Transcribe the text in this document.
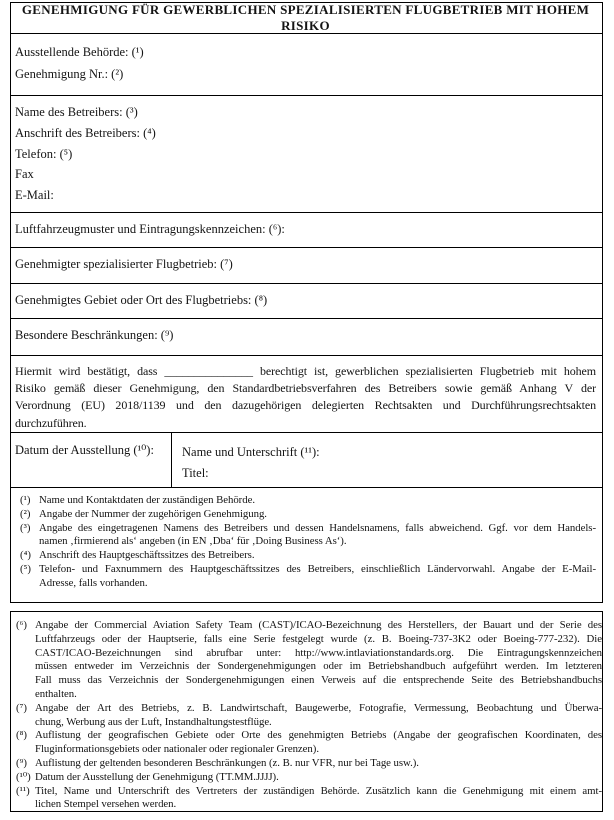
GENEHMIGUNG FÜR GEWERBLICHEN SPEZIALISIERTEN FLUGBETRIEB MIT HOHEM RISIKO
Ausstellende Behörde: (¹)
Genehmigung Nr.: (²)
Name des Betreibers: (³)
Anschrift des Betreibers: (⁴)
Telefon: (⁵)
Fax
E-Mail:
Luftfahrzeugmuster und Eintragungskennzeichen: (⁶):
Genehmigter spezialisierter Flugbetrieb: (⁷)
Genehmigtes Gebiet oder Ort des Flugbetriebs: (⁸)
Besondere Beschränkungen: (⁹)
Hiermit wird bestätigt, dass _______________ berechtigt ist, gewerblichen spezialisierten Flugbetrieb mit hohem
Risiko gemäß dieser Genehmigung, den Standardbetriebsverfahren des Betreibers sowie gemäß Anhang V der
Verordnung (EU) 2018/1139 und den dazugehörigen delegierten Rechtsakten und Durchführungsrechtsakten
durchzuführen.
Datum der Ausstellung (¹⁰):	Name und Unterschrift (¹¹):
Titel:
(¹) Name und Kontaktdaten der zuständigen Behörde.
(²) Angabe der Nummer der zugehörigen Genehmigung.
(³) Angabe des eingetragenen Namens des Betreibers und dessen Handelsnamens, falls abweichend. Ggf. vor dem Handels-
namen ‚firmierend als‘ angeben (in EN ‚Dba‘ für ‚Doing Business As‘).
(⁴) Anschrift des Hauptgeschäftssitzes des Betreibers.
(⁵) Telefon- und Faxnummern des Hauptgeschäftssitzes des Betreibers, einschließlich Ländervorwahl. Angabe der E-Mail-
Adresse, falls vorhanden.
(⁶) Angabe der Commercial Aviation Safety Team (CAST)/ICAO-Bezeichnung des Herstellers, der Bauart und der Serie des
Luftfahrzeugs oder der Hauptserie, falls eine Serie festgelegt wurde (z. B. Boeing-737-3K2 oder Boeing-777-232). Die
CAST/ICAO-Bezeichnungen sind abrufbar unter: http://www.intlaviationstandards.org. Die Eintragungskennzeichen
müssen entweder im Verzeichnis der Sondergenehmigungen oder im Betriebshandbuch aufgeführt werden. Im letzteren
Fall muss das Verzeichnis der Sondergenehmigungen einen Verweis auf die entsprechende Seite des Betriebshandbuchs
enthalten.
(⁷) Angabe der Art des Betriebs, z. B. Landwirtschaft, Baugewerbe, Fotografie, Vermessung, Beobachtung und Überwa-
chung, Werbung aus der Luft, Instandhaltungstestflüge.
(⁸) Auflistung der geografischen Gebiete oder Orte des genehmigten Betriebs (Angabe der geografischen Koordinaten, des
Fluginformationsgebiets oder nationaler oder regionaler Grenzen).
(⁹) Auflistung der geltenden besonderen Beschränkungen (z. B. nur VFR, nur bei Tage usw.).
(¹⁰) Datum der Ausstellung der Genehmigung (TT.MM.JJJJ).
(¹¹) Titel, Name und Unterschrift des Vertreters der zuständigen Behörde. Zusätzlich kann die Genehmigung mit einem amt-
lichen Stempel versehen werden.
